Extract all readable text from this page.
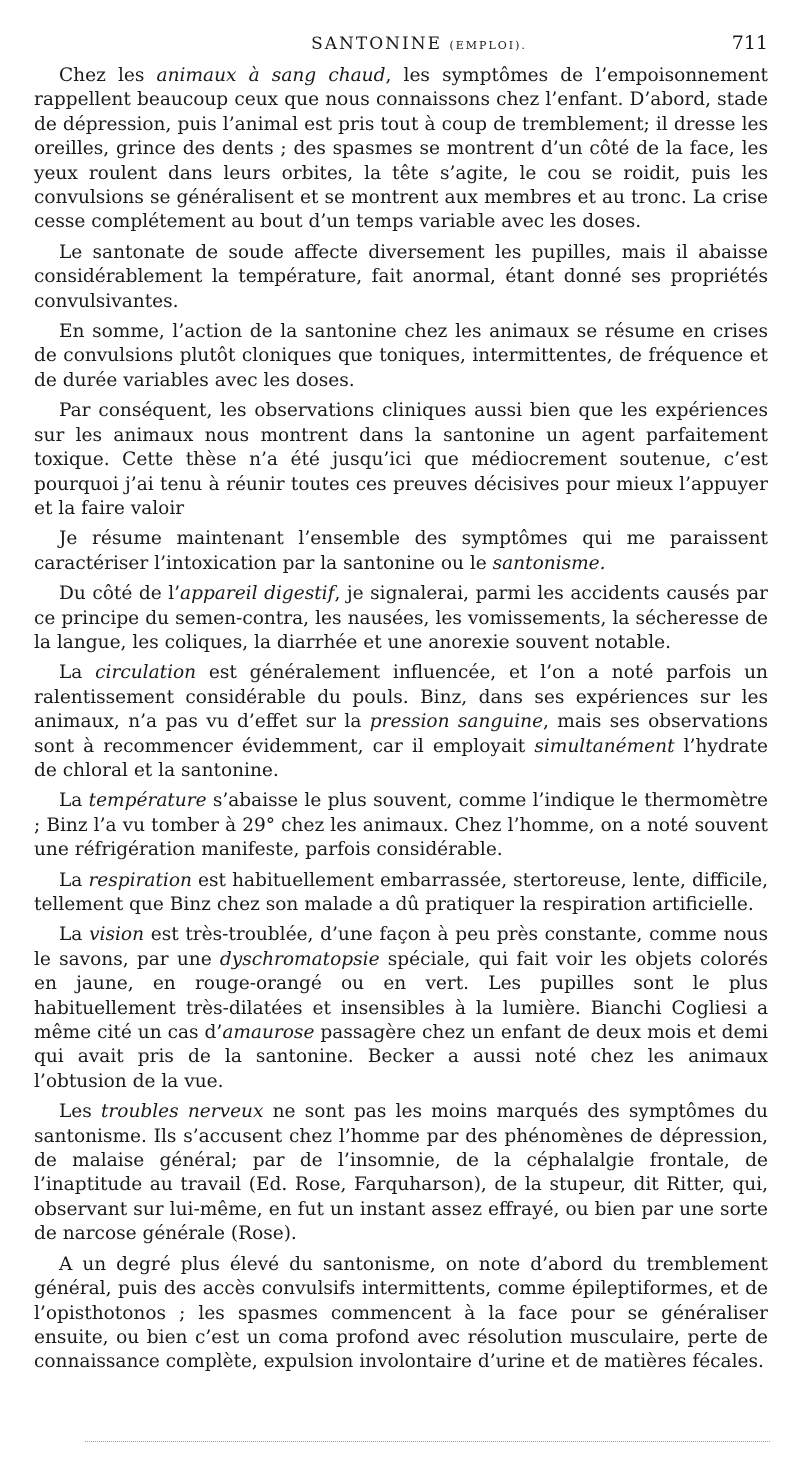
SANTONINE (EMPLOI).	711

Chez les animaux à sang chaud, les symptômes de l’empoisonnement rappellent beaucoup ceux que nous connaissons chez l’enfant. D’abord, stade de dépression, puis l’animal est pris tout à coup de tremblement; il dresse les oreilles, grince des dents ; des spasmes se montrent d’un côté de la face, les yeux roulent dans leurs orbites, la tête s’agite, le cou se roidit, puis les convulsions se généralisent et se montrent aux membres et au tronc. La crise cesse complétement au bout d’un temps variable avec les doses.

Le santonate de soude affecte diversement les pupilles, mais il abaisse considérablement la température, fait anormal, étant donné ses propriétés convulsivantes.

En somme, l’action de la santonine chez les animaux se résume en crises de convulsions plutôt cloniques que toniques, intermittentes, de fréquence et de durée variables avec les doses.

Par conséquent, les observations cliniques aussi bien que les expériences sur les animaux nous montrent dans la santonine un agent parfaitement toxique. Cette thèse n’a été jusqu’ici que médiocrement soutenue, c’est pourquoi j’ai tenu à réunir toutes ces preuves décisives pour mieux l’appuyer et la faire valoir

Je résume maintenant l’ensemble des symptômes qui me paraissent caractériser l’intoxication par la santonine ou le santonisme.

Du côté de l’appareil digestif, je signalerai, parmi les accidents causés par ce principe du semen-contra, les nausées, les vomissements, la sécheresse de la langue, les coliques, la diarrhée et une anorexie souvent notable.

La circulation est généralement influencée, et l’on a noté parfois un ralentissement considérable du pouls. Binz, dans ses expériences sur les animaux, n’a pas vu d’effet sur la pression sanguine, mais ses observations sont à recommencer évidemment, car il employait simultanément l’hydrate de chloral et la santonine.

La température s’abaisse le plus souvent, comme l’indique le thermomètre ; Binz l’a vu tomber à 29° chez les animaux. Chez l’homme, on a noté souvent une réfrigération manifeste, parfois considérable.

La respiration est habituellement embarrassée, stertoreuse, lente, difficile, tellement que Binz chez son malade a dû pratiquer la respiration artificielle.

La vision est très-troublée, d’une façon à peu près constante, comme nous le savons, par une dyschromatopsie spéciale, qui fait voir les objets colorés en jaune, en rouge-orangé ou en vert. Les pupilles sont le plus habituellement très-dilatées et insensibles à la lumière. Bianchi Cogliesi a même cité un cas d’amaurose passagère chez un enfant de deux mois et demi qui avait pris de la santonine. Becker a aussi noté chez les animaux l’obtusion de la vue.

Les troubles nerveux ne sont pas les moins marqués des symptômes du santonisme. Ils s’accusent chez l’homme par des phénomènes de dépression, de malaise général; par de l’insomnie, de la céphalalgie frontale, de l’inaptitude au travail (Ed. Rose, Farquharson), de la stupeur, dit Ritter, qui, observant sur lui-même, en fut un instant assez effrayé, ou bien par une sorte de narcose générale (Rose).

A un degré plus élevé du santonisme, on note d’abord du tremblement général, puis des accès convulsifs intermittents, comme épileptiformes, et de l’opisthotonos ; les spasmes commencent à la face pour se généraliser ensuite, ou bien c’est un coma profond avec résolution musculaire, perte de connaissance complète, expulsion involontaire d’urine et de matières fécales.
